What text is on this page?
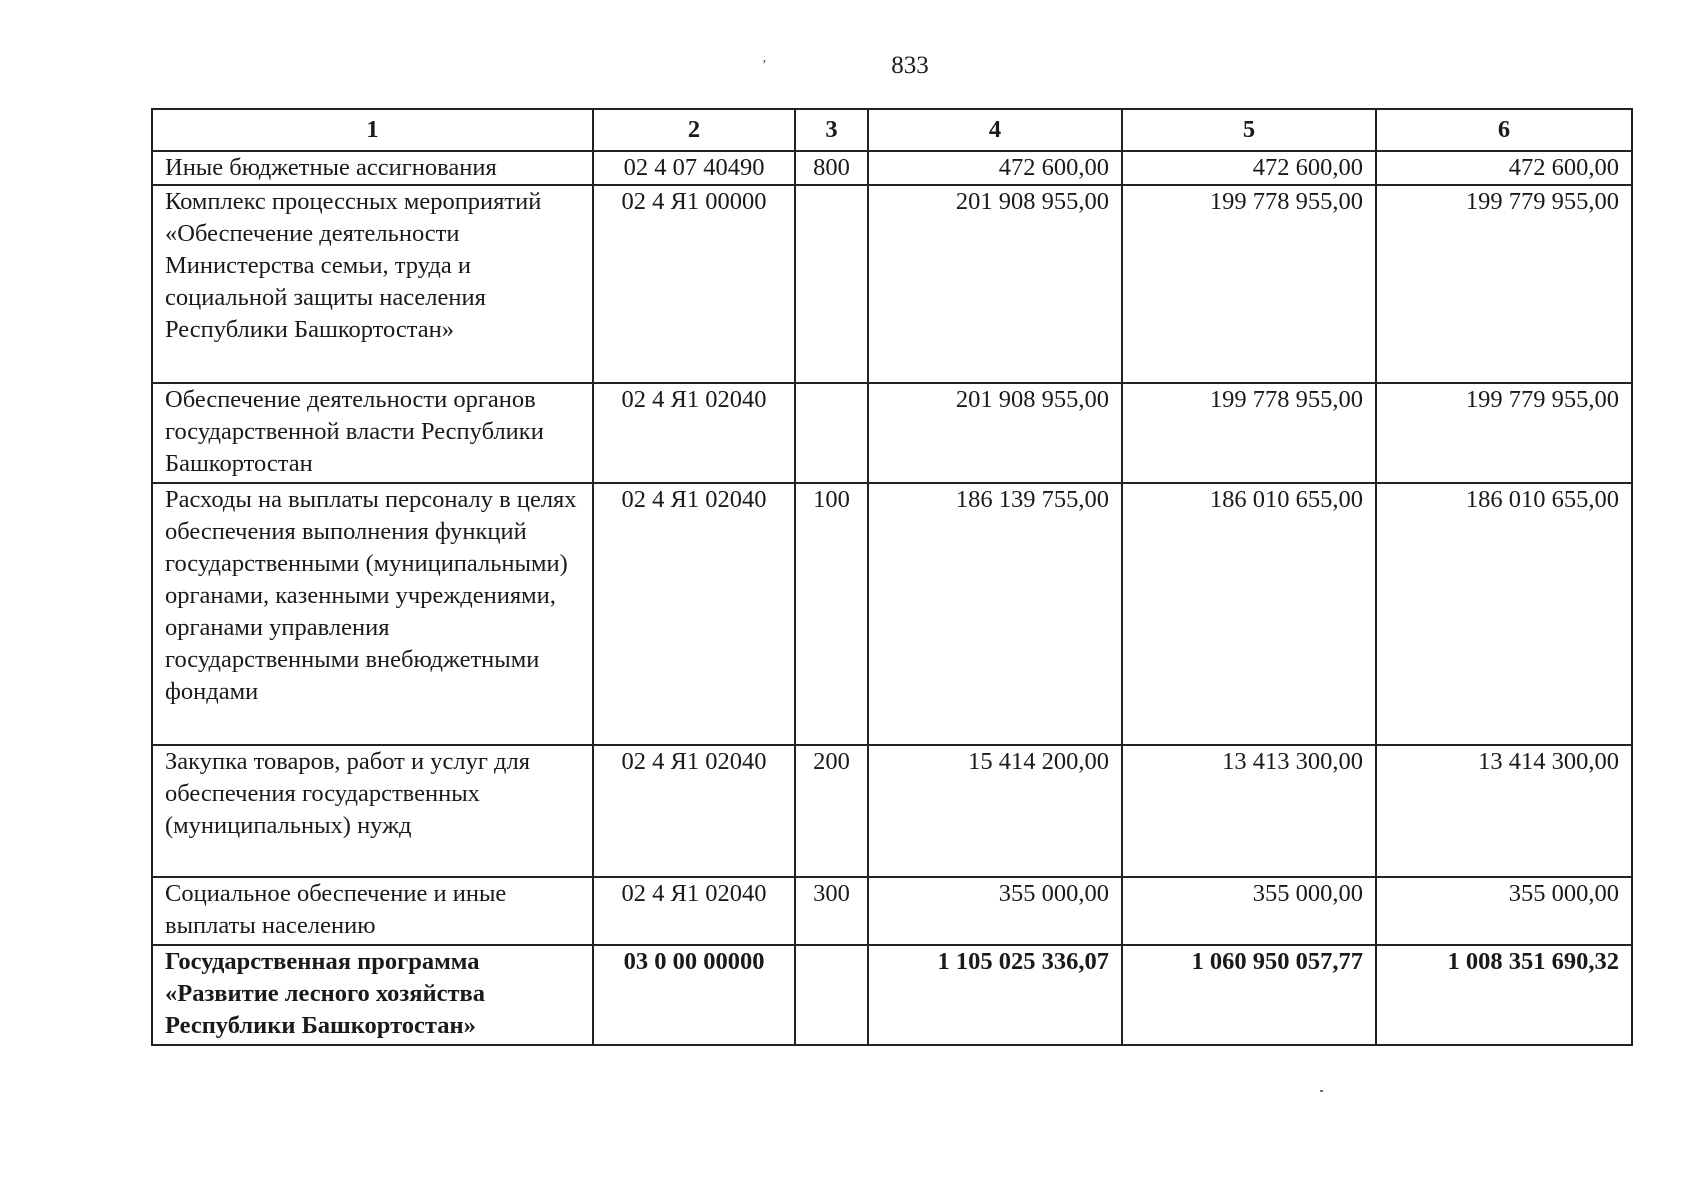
833
ʼ
1	2	3	4	5	6
Иные бюджетные ассигнования	02 4 07 40490	800	472 600,00	472 600,00	472 600,00
Комплекс процессных мероприятий «Обеспечение деятельности Министерства семьи, труда и социальной защиты населения Республики Башкортостан»	02 4 Я1 00000		201 908 955,00	199 778 955,00	199 779 955,00
Обеспечение деятельности органов государственной власти Республики Башкортостан	02 4 Я1 02040		201 908 955,00	199 778 955,00	199 779 955,00
Расходы на выплаты персоналу в целях обеспечения выполнения функций государственными (муниципальными) органами, казенными учреждениями, органами управления государственными внебюджетными фондами	02 4 Я1 02040	100	186 139 755,00	186 010 655,00	186 010 655,00
Закупка товаров, работ и услуг для обеспечения государственных (муниципальных) нужд	02 4 Я1 02040	200	15 414 200,00	13 413 300,00	13 414 300,00
Социальное обеспечение и иные выплаты населению	02 4 Я1 02040	300	355 000,00	355 000,00	355 000,00
Государственная программа «Развитие лесного хозяйства Республики Башкортостан»	03 0 00 00000		1 105 025 336,07	1 060 950 057,77	1 008 351 690,32
